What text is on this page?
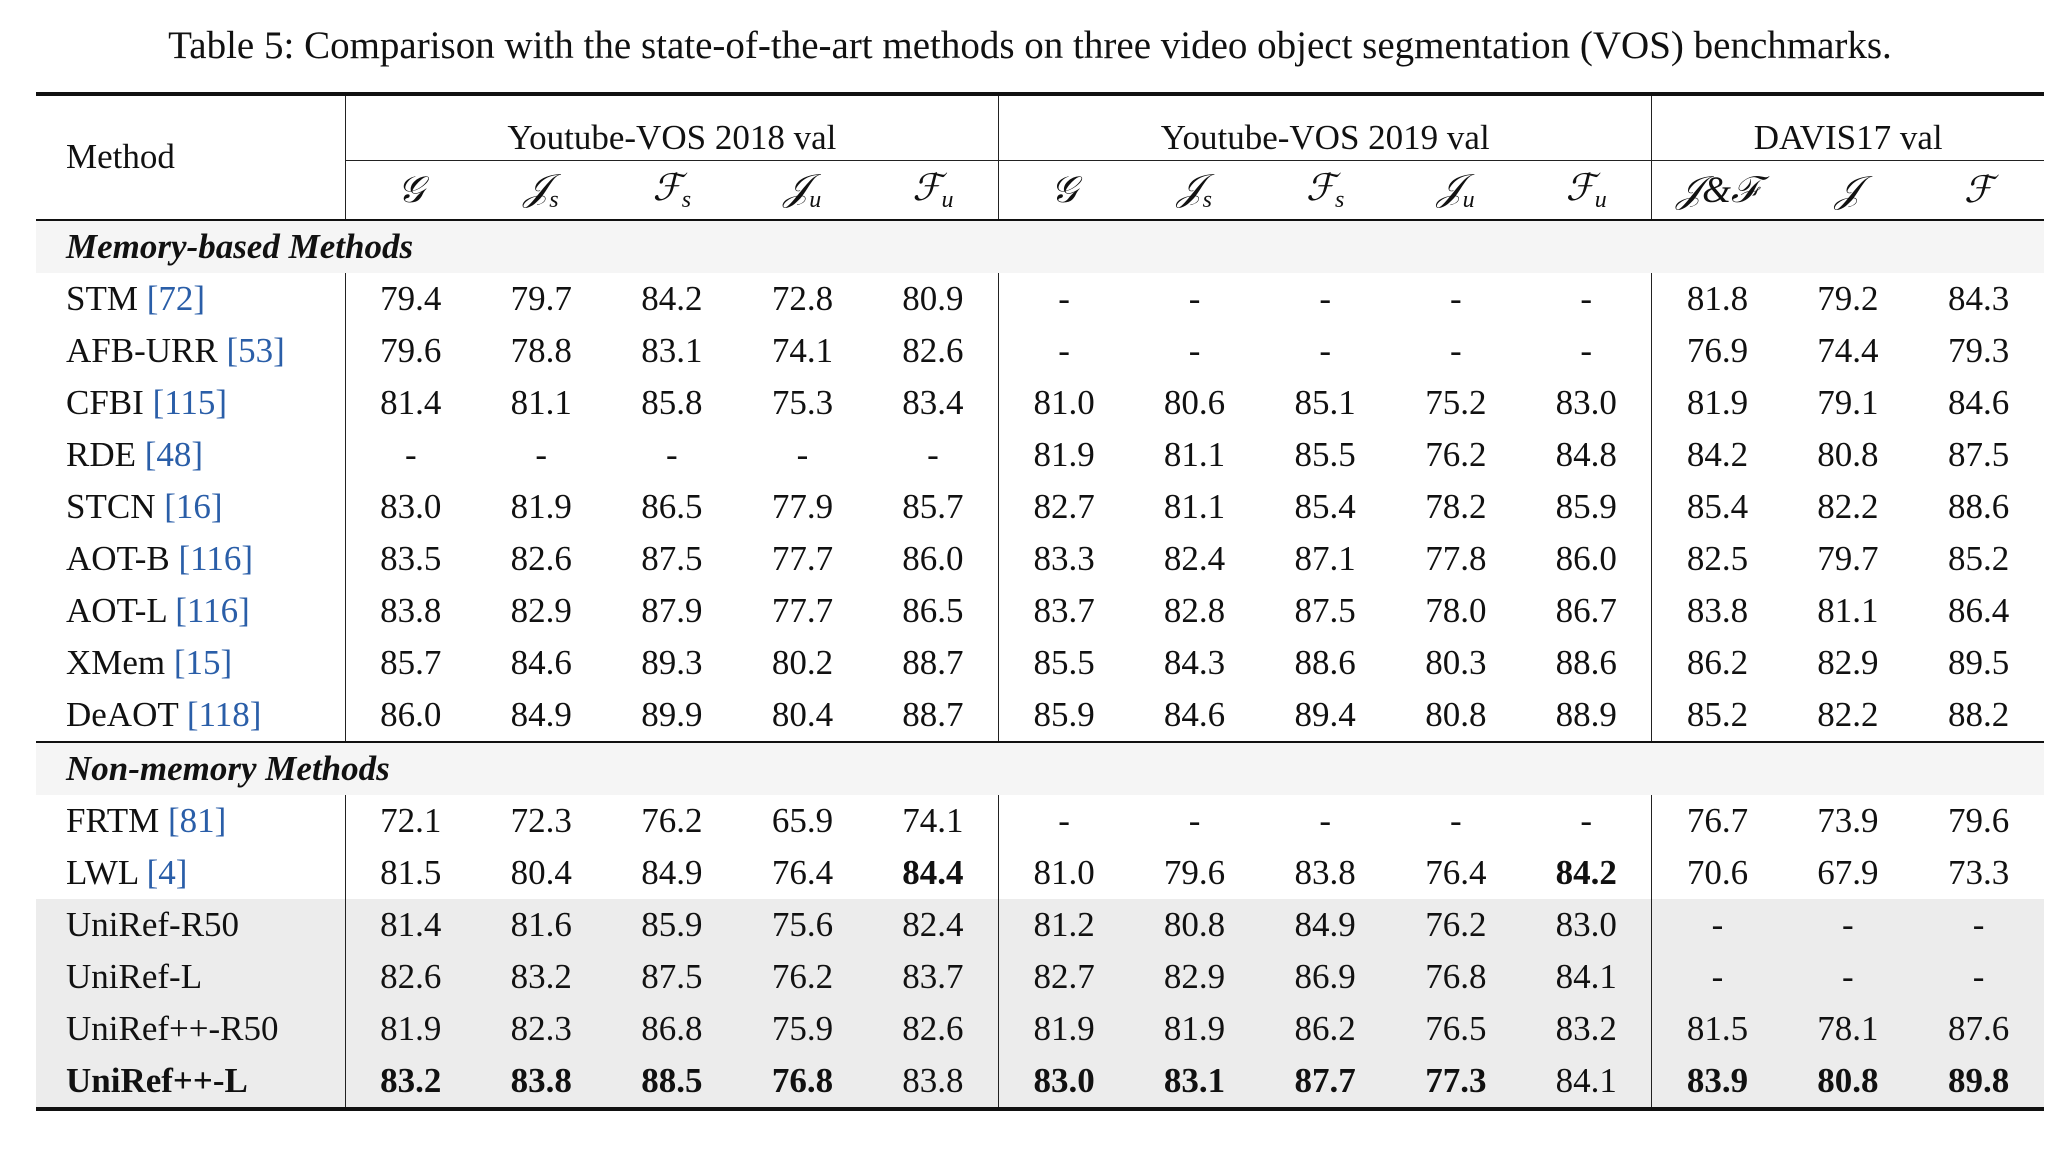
Table 5: Comparison with the state-of-the-art methods on three video object segmentation (VOS) benchmarks.
Method	Youtube-VOS 2018 val					Youtube-VOS 2019 val					DAVIS17 val		
	𝒢	𝒥$_s$	ℱ$_s$	𝒥$_u$	ℱ$_u$	𝒢	𝒥$_s$	ℱ$_s$	𝒥$_u$	ℱ$_u$	𝒥&ℱ	𝒥	ℱ
Memory-based Methods													
STM [72]	79.4	79.7	84.2	72.8	80.9	-	-	-	-	-	81.8	79.2	84.3
AFB-URR [53]	79.6	78.8	83.1	74.1	82.6	-	-	-	-	-	76.9	74.4	79.3
CFBI [115]	81.4	81.1	85.8	75.3	83.4	81.0	80.6	85.1	75.2	83.0	81.9	79.1	84.6
RDE [48]	-	-	-	-	-	81.9	81.1	85.5	76.2	84.8	84.2	80.8	87.5
STCN [16]	83.0	81.9	86.5	77.9	85.7	82.7	81.1	85.4	78.2	85.9	85.4	82.2	88.6
AOT-B [116]	83.5	82.6	87.5	77.7	86.0	83.3	82.4	87.1	77.8	86.0	82.5	79.7	85.2
AOT-L [116]	83.8	82.9	87.9	77.7	86.5	83.7	82.8	87.5	78.0	86.7	83.8	81.1	86.4
XMem [15]	85.7	84.6	89.3	80.2	88.7	85.5	84.3	88.6	80.3	88.6	86.2	82.9	89.5
DeAOT [118]	86.0	84.9	89.9	80.4	88.7	85.9	84.6	89.4	80.8	88.9	85.2	82.2	88.2
Non-memory Methods													
FRTM [81]	72.1	72.3	76.2	65.9	74.1	-	-	-	-	-	76.7	73.9	79.6
LWL [4]	81.5	80.4	84.9	76.4	84.4	81.0	79.6	83.8	76.4	84.2	70.6	67.9	73.3
UniRef-R50	81.4	81.6	85.9	75.6	82.4	81.2	80.8	84.9	76.2	83.0	-	-	-
UniRef-L	82.6	83.2	87.5	76.2	83.7	82.7	82.9	86.9	76.8	84.1	-	-	-
UniRef++-R50	81.9	82.3	86.8	75.9	82.6	81.9	81.9	86.2	76.5	83.2	81.5	78.1	87.6
UniRef++-L	83.2	83.8	88.5	76.8	83.8	83.0	83.1	87.7	77.3	84.1	83.9	80.8	89.8
